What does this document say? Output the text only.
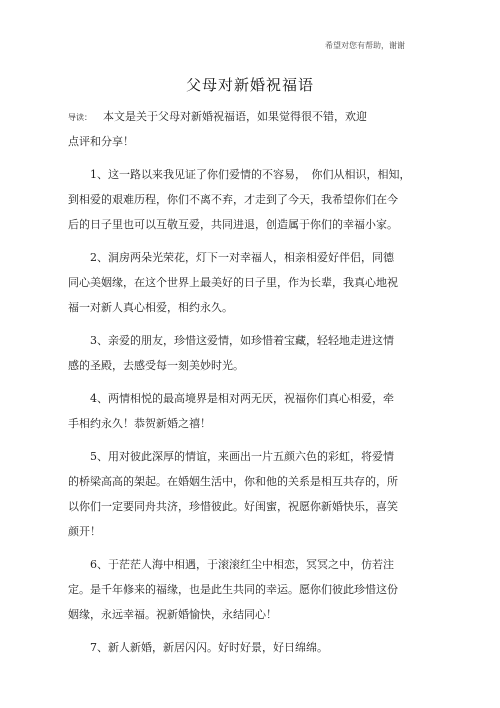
希望对您有帮助，谢谢
父母对新婚祝福语
导读：　本文是关于父母对新婚祝福语，如果觉得很不错，欢迎
点评和分享！
　　1、这一路以来我见证了你们爱情的不容易，　你们从相识，相知，
到相爱的艰难历程，你们不离不弃，才走到了今天，我希望你们在今
后的日子里也可以互敬互爱，共同进退，创造属于你们的幸福小家。
　　2、洞房两朵光荣花，灯下一对幸福人，相亲相爱好伴侣，同德
同心美姻缘，在这个世界上最美好的日子里，作为长辈，我真心地祝
福一对新人真心相爱，相约永久。
　　3、亲爱的朋友，珍惜这爱情，如珍惜着宝藏，轻轻地走进这情
感的圣殿，去感受每一刻美妙时光。
　　4、两情相悦的最高境界是相对两无厌，祝福你们真心相爱，牵
手相约永久！恭贺新婚之禧！
　　5、用对彼此深厚的情谊，来画出一片五颜六色的彩虹，将爱情
的桥梁高高的架起。在婚姻生活中，你和他的关系是相互共存的，所
以你们一定要同舟共济，珍惜彼此。好闺蜜，祝愿你新婚快乐，喜笑
颜开！
　　6、于茫茫人海中相遇，于滚滚红尘中相恋，冥冥之中，仿若注
定。是千年修来的福缘，也是此生共同的幸运。愿你们彼此珍惜这份
姻缘，永远幸福。祝新婚愉快，永结同心！
　　7、新人新婚，新居闪闪。好时好景，好日绵绵。
